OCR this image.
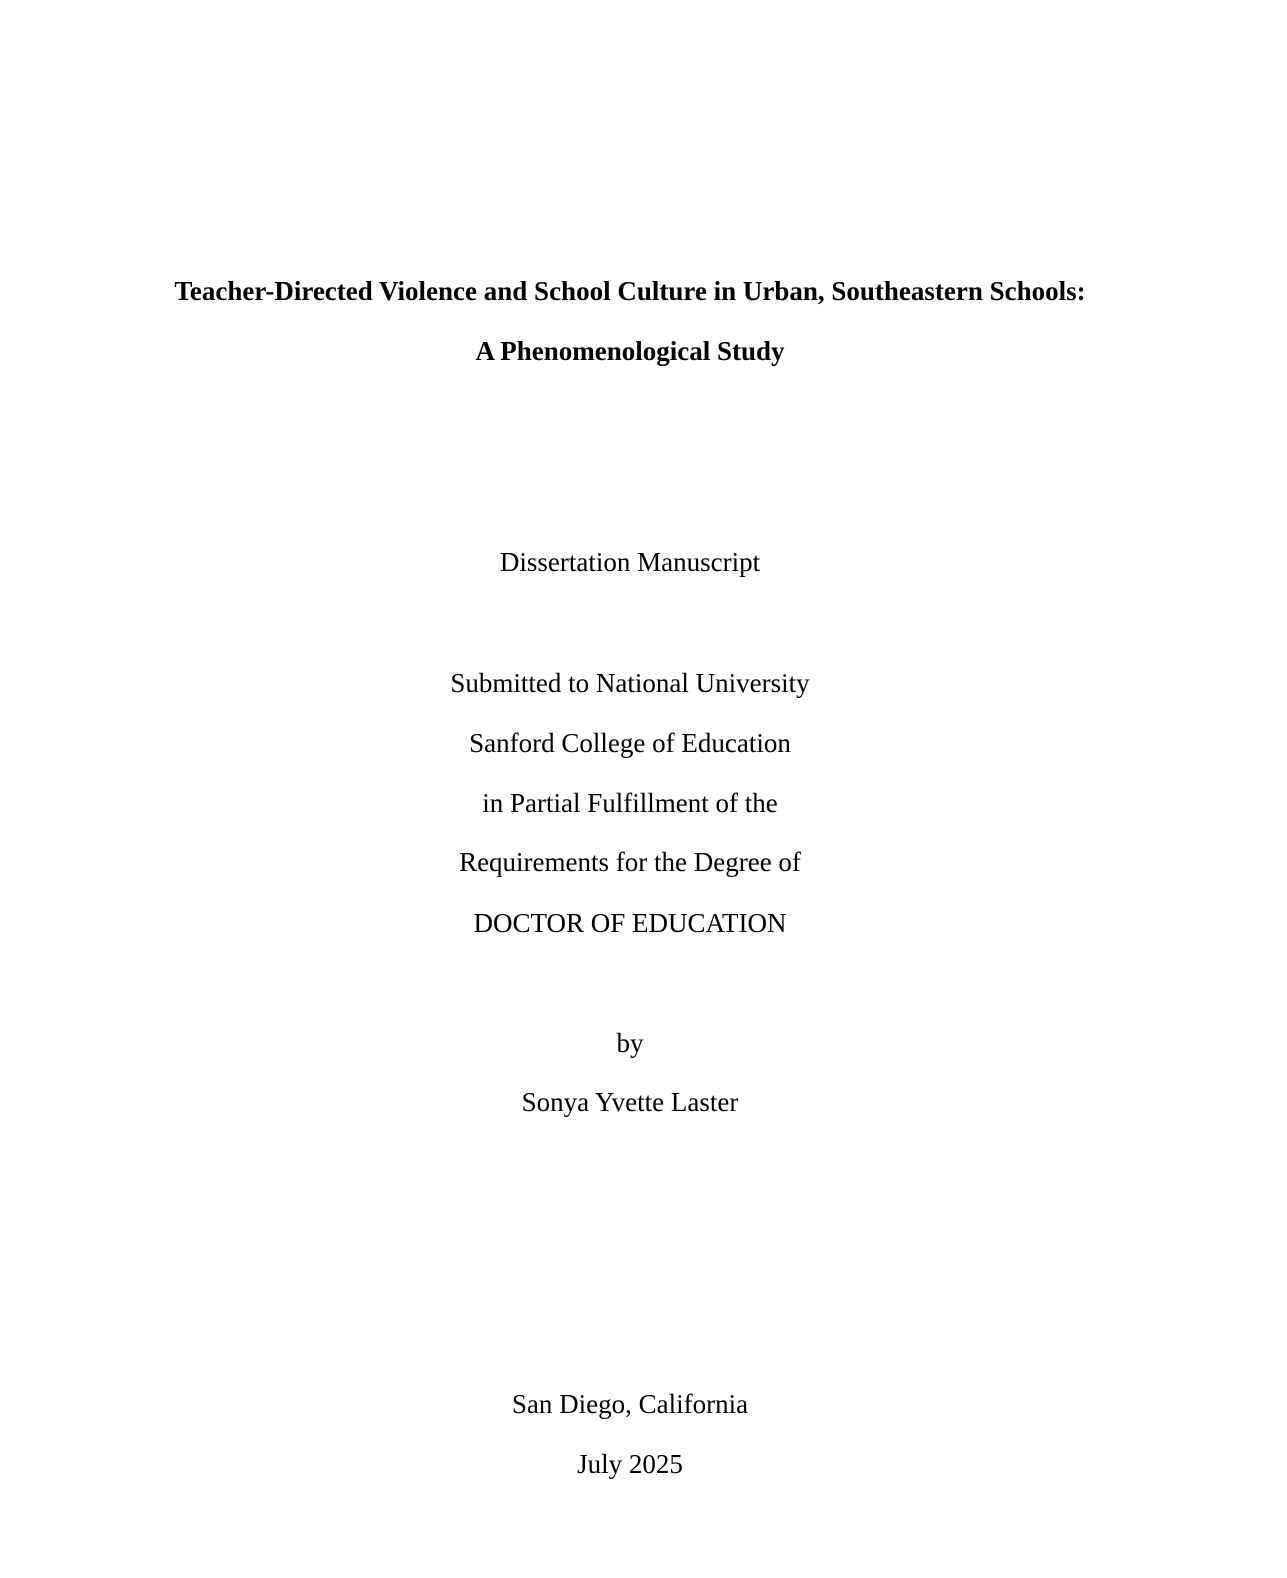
Teacher-Directed Violence and School Culture in Urban, Southeastern Schools:
A Phenomenological Study
Dissertation Manuscript
Submitted to National University
Sanford College of Education
in Partial Fulfillment of the
Requirements for the Degree of
DOCTOR OF EDUCATION
by
Sonya Yvette Laster
San Diego, California
July 2025
